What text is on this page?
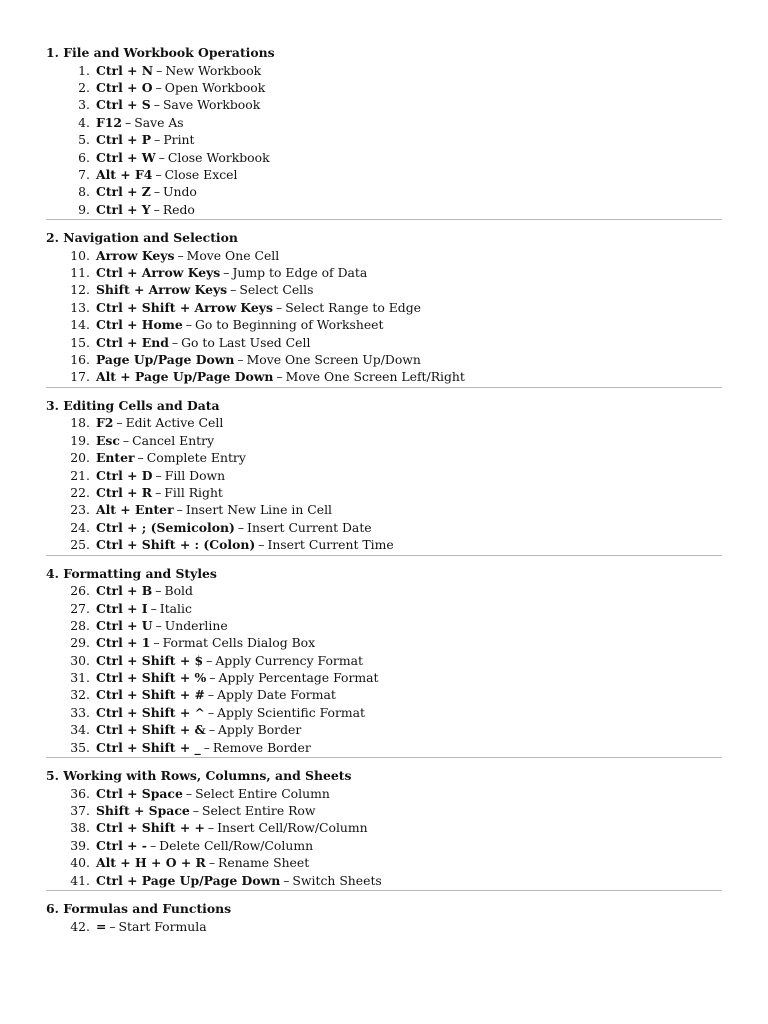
1. File and Workbook Operations
1. Ctrl + N – New Workbook
2. Ctrl + O – Open Workbook
3. Ctrl + S – Save Workbook
4. F12 – Save As
5. Ctrl + P – Print
6. Ctrl + W – Close Workbook
7. Alt + F4 – Close Excel
8. Ctrl + Z – Undo
9. Ctrl + Y – Redo
2. Navigation and Selection
10. Arrow Keys – Move One Cell
11. Ctrl + Arrow Keys – Jump to Edge of Data
12. Shift + Arrow Keys – Select Cells
13. Ctrl + Shift + Arrow Keys – Select Range to Edge
14. Ctrl + Home – Go to Beginning of Worksheet
15. Ctrl + End – Go to Last Used Cell
16. Page Up/Page Down – Move One Screen Up/Down
17. Alt + Page Up/Page Down – Move One Screen Left/Right
3. Editing Cells and Data
18. F2 – Edit Active Cell
19. Esc – Cancel Entry
20. Enter – Complete Entry
21. Ctrl + D – Fill Down
22. Ctrl + R – Fill Right
23. Alt + Enter – Insert New Line in Cell
24. Ctrl + ; (Semicolon) – Insert Current Date
25. Ctrl + Shift + : (Colon) – Insert Current Time
4. Formatting and Styles
26. Ctrl + B – Bold
27. Ctrl + I – Italic
28. Ctrl + U – Underline
29. Ctrl + 1 – Format Cells Dialog Box
30. Ctrl + Shift + $ – Apply Currency Format
31. Ctrl + Shift + % – Apply Percentage Format
32. Ctrl + Shift + # – Apply Date Format
33. Ctrl + Shift + ^ – Apply Scientific Format
34. Ctrl + Shift + & – Apply Border
35. Ctrl + Shift + _ – Remove Border
5. Working with Rows, Columns, and Sheets
36. Ctrl + Space – Select Entire Column
37. Shift + Space – Select Entire Row
38. Ctrl + Shift + + – Insert Cell/Row/Column
39. Ctrl + - – Delete Cell/Row/Column
40. Alt + H + O + R – Rename Sheet
41. Ctrl + Page Up/Page Down – Switch Sheets
6. Formulas and Functions
42. = – Start Formula
